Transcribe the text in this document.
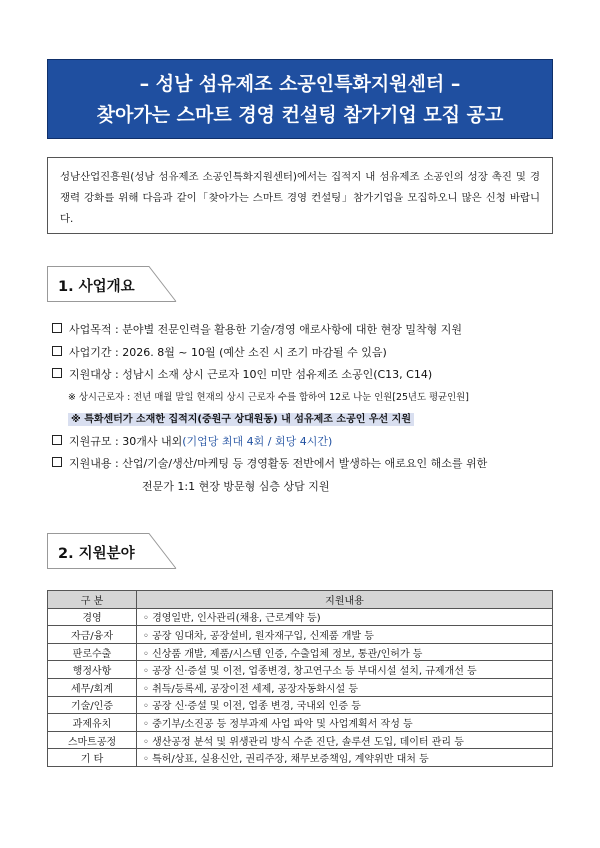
– 성남 섬유제조 소공인특화지원센터 –
찾아가는 스마트 경영 컨설팅 참가기업 모집 공고
성남산업진흥원(성남 섬유제조 소공인특화지원센터)에서는 집적지 내 섬유제조 소공인의 성장 촉진 및 경쟁력 강화를 위해 다음과 같이「찾아가는 스마트 경영 컨설팅」참가기업을 모집하오니 많은 신청 바랍니다.
1. 사업개요
사업목적 : 분야별 전문인력을 활용한 기술/경영 애로사항에 대한 현장 밀착형 지원
사업기간 : 2026. 8월 ~ 10월 (예산 소진 시 조기 마감될 수 있음)
지원대상 : 성남시 소재 상시 근로자 10인 미만 섬유제조 소공인(C13, C14)
※ 상시근로자 : 전년 매월 말일 현재의 상시 근로자 수를 합하여 12로 나눈 인원[25년도 평균인원]
※ 특화센터가 소재한 집적지(중원구 상대원동) 내 섬유제조 소공인 우선 지원
지원규모 : 30개사 내외(기업당 최대 4회 / 회당 4시간)
지원내용 : 산업/기술/생산/마케팅 등 경영활동 전반에서 발생하는 애로요인 해소를 위한
전문가 1:1 현장 방문형 심층 상담 지원
2. 지원분야
구 분	지원내용
경영	◦ 경영일반, 인사관리(채용, 근로계약 등)
자금/융자	◦ 공장 임대차, 공장설비, 원자재구입, 신제품 개발 등
판로수출	◦ 신상품 개발, 제품/시스템 인증, 수출업체 정보, 통관/인허가 등
행정사항	◦ 공장 신·증설 및 이전, 업종변경, 창고연구소 등 부대시설 설치, 규제개선 등
세무/회계	◦ 취득/등록세, 공장이전 세제, 공장자동화시설 등
기술/인증	◦ 공장 신·증설 및 이전, 업종 변경, 국내외 인증 등
과제유치	◦ 중기부/소진공 등 정부과제 사업 파악 및 사업계획서 작성 등
스마트공정	◦ 생산공정 분석 및 위생관리 방식 수준 진단, 솔루션 도입, 데이터 관리 등
기 타	◦ 특허/상표, 실용신안, 권리주장, 채무보증책임, 계약위반 대처 등
